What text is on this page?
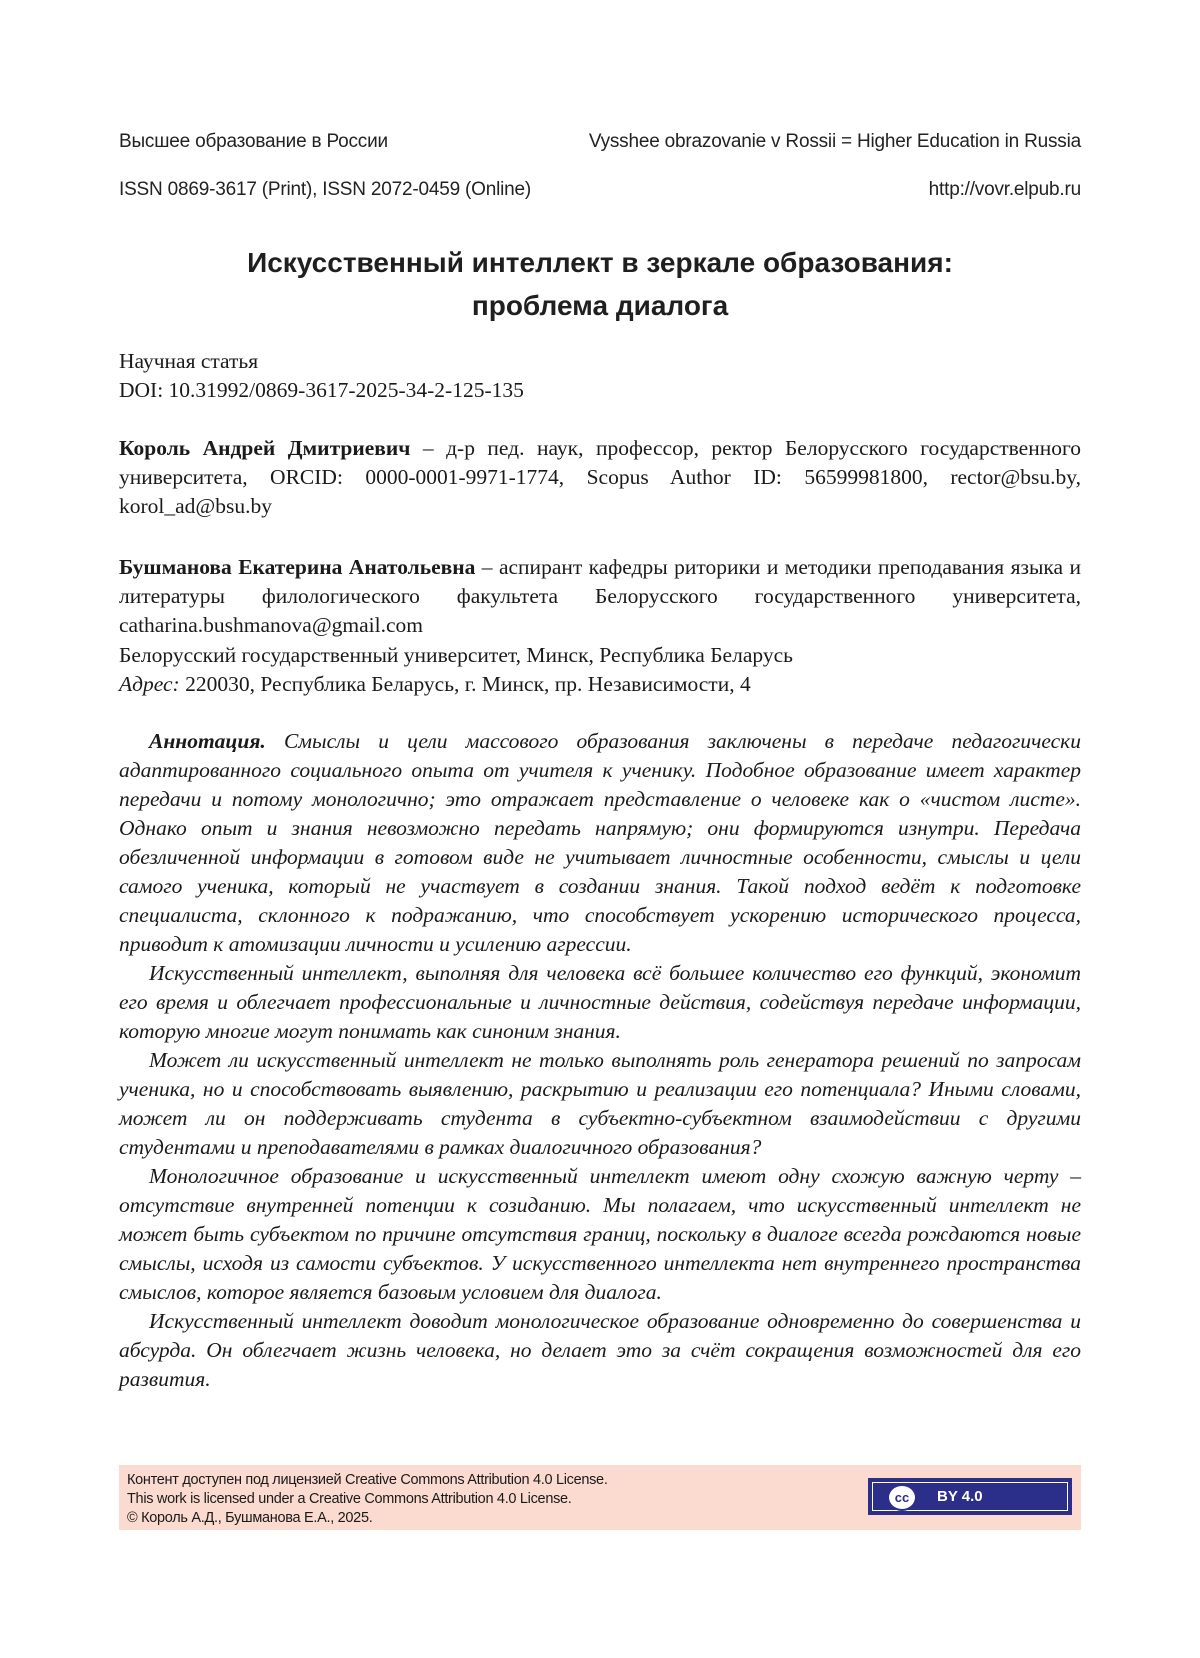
Высшее образование в России	Vysshee obrazovanie v Rossii = Higher Education in Russia
ISSN 0869-3617 (Print), ISSN 2072-0459 (Online)	http://vovr.elpub.ru
Искусственный интеллект в зеркале образования:
проблема диалога
Научная статья
DOI: 10.31992/0869-3617-2025-34-2-125-135
Король Андрей Дмитриевич – д-р пед. наук, профессор, ректор Белорусского государственного университета, ORCID: 0000-0001-9971-1774, Scopus Author ID: 56599981800, rector@bsu.by, korol_ad@bsu.by
Бушманова Екатерина Анатольевна – аспирант кафедры риторики и методики преподавания языка и литературы филологического факультета Белорусского государственного университета, catharina.bushmanova@gmail.com
Белорусский государственный университет, Минск, Республика Беларусь
Адрес: 220030, Республика Беларусь, г. Минск, пр. Независимости, 4

Аннотация. Смыслы и цели массового образования заключены в передаче педагогически адаптированного социального опыта от учителя к ученику. Подобное образование имеет характер передачи и потому монологично; это отражает представление о человеке как о «чистом листе». Однако опыт и знания невозможно передать напрямую; они формируются изнутри. Передача обезличенной информации в готовом виде не учитывает личностные особенности, смыслы и цели самого ученика, который не участвует в создании знания. Такой подход ведёт к подготовке специалиста, склонного к подражанию, что способствует ускорению исторического процесса, приводит к атомизации личности и усилению агрессии.

Искусственный интеллект, выполняя для человека всё большее количество его функций, экономит его время и облегчает профессиональные и личностные действия, содействуя передаче информации, которую многие могут понимать как синоним знания.

Может ли искусственный интеллект не только выполнять роль генератора решений по запросам ученика, но и способствовать выявлению, раскрытию и реализации его потенциала? Иными словами, может ли он поддерживать студента в субъектно-субъектном взаимодействии с другими студентами и преподавателями в рамках диалогичного образования?

Монологичное образование и искусственный интеллект имеют одну схожую важную черту – отсутствие внутренней потенции к созиданию. Мы полагаем, что искусственный интеллект не может быть субъектом по причине отсутствия границ, поскольку в диалоге всегда рождаются новые смыслы, исходя из самости субъектов. У искусственного интеллекта нет внутреннего пространства смыслов, которое является базовым условием для диалога.

Искусственный интеллект доводит монологическое образование одновременно до совершенства и абсурда. Он облегчает жизнь человека, но делает это за счёт сокращения возможностей для его развития.

Контент доступен под лицензией Creative Commons Attribution 4.0 License.
This work is licensed under a Creative Commons Attribution 4.0 License.
© Король А.Д., Бушманова Е.А., 2025.
cc	BY 4.0
